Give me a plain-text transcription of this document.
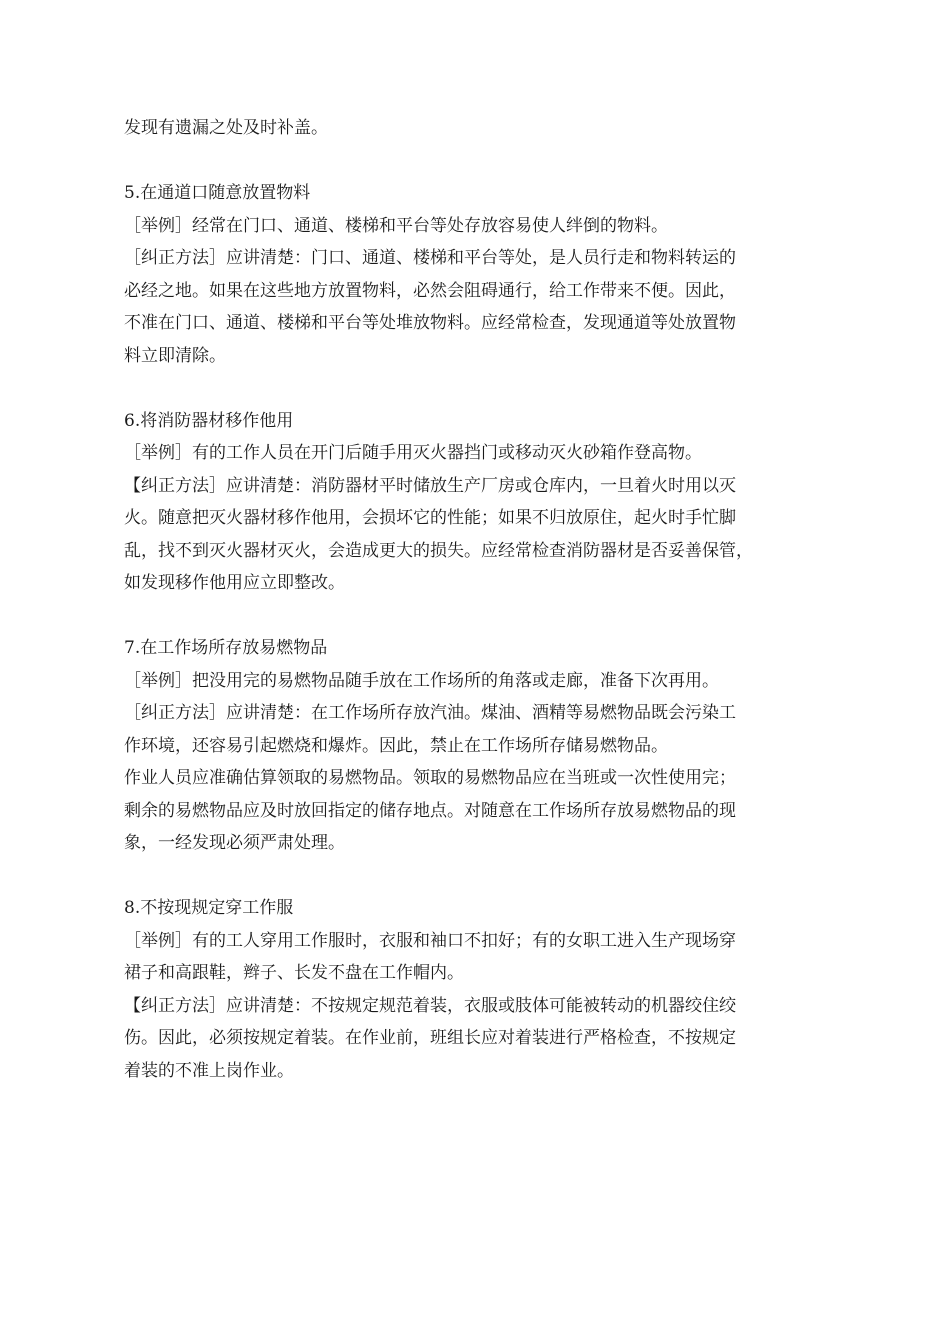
发现有遗漏之处及时补盖。
5.在通道口随意放置物料
［举例］经常在门口、通道、楼梯和平台等处存放容易使人绊倒的物料。
［纠正方法］应讲清楚：门口、通道、楼梯和平台等处，是人员行走和物料转运的
必经之地。如果在这些地方放置物料，必然会阻碍通行，给工作带来不便。因此，
不准在门口、通道、楼梯和平台等处堆放物料。应经常检查，发现通道等处放置物
料立即清除。
6.将消防器材移作他用
［举例］有的工作人员在开门后随手用灭火器挡门或移动灭火砂箱作登高物。
【纠正方法］应讲清楚：消防器材平时储放生产厂房或仓库内，一旦着火时用以灭
火。随意把灭火器材移作他用，会损坏它的性能；如果不归放原住，起火时手忙脚
乱，找不到灭火器材灭火，会造成更大的损失。应经常检查消防器材是否妥善保管，
如发现移作他用应立即整改。
7.在工作场所存放易燃物品
［举例］把没用完的易燃物品随手放在工作场所的角落或走廊，准备下次再用。
［纠正方法］应讲清楚：在工作场所存放汽油。煤油、酒精等易燃物品既会污染工
作环境，还容易引起燃烧和爆炸。因此，禁止在工作场所存储易燃物品。
作业人员应准确估算领取的易燃物品。领取的易燃物品应在当班或一次性使用完；
剩余的易燃物品应及时放回指定的储存地点。对随意在工作场所存放易燃物品的现
象，一经发现必须严肃处理。
8.不按现规定穿工作服
［举例］有的工人穿用工作服时，衣服和袖口不扣好；有的女职工进入生产现场穿
裙子和高跟鞋，辫子、长发不盘在工作帽内。
【纠正方法］应讲清楚：不按规定规范着装，衣服或肢体可能被转动的机器绞住绞
伤。因此，必须按规定着装。在作业前，班组长应对着装进行严格检查，不按规定
着装的不准上岗作业。
